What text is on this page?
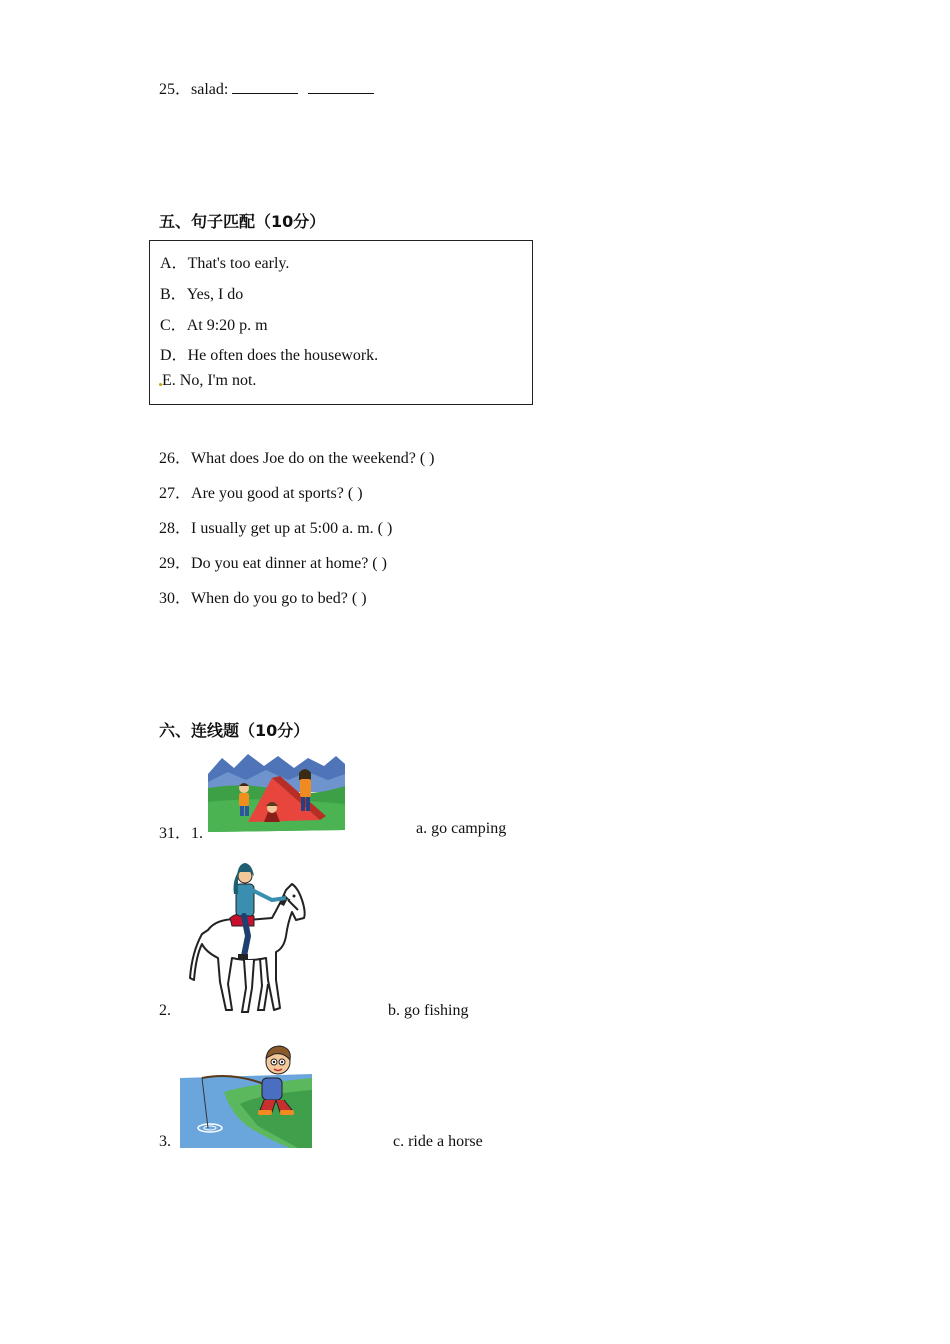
25．salad:
五、句子匹配（10分）
A．That's too early.
B．Yes, I do
C．At 9:20 p. m
D．He often does the housework.
E. No, I'm not.
26．What does Joe do on the weekend? ( )
27．Are you good at sports? ( )
28．I usually get up at 5:00 a. m. ( )
29．Do you eat dinner at home? ( )
30．When do you go to bed? ( )
六、连线题（10分）
31．1.	a. go camping
2.	b. go fishing
3.	c. ride a horse
